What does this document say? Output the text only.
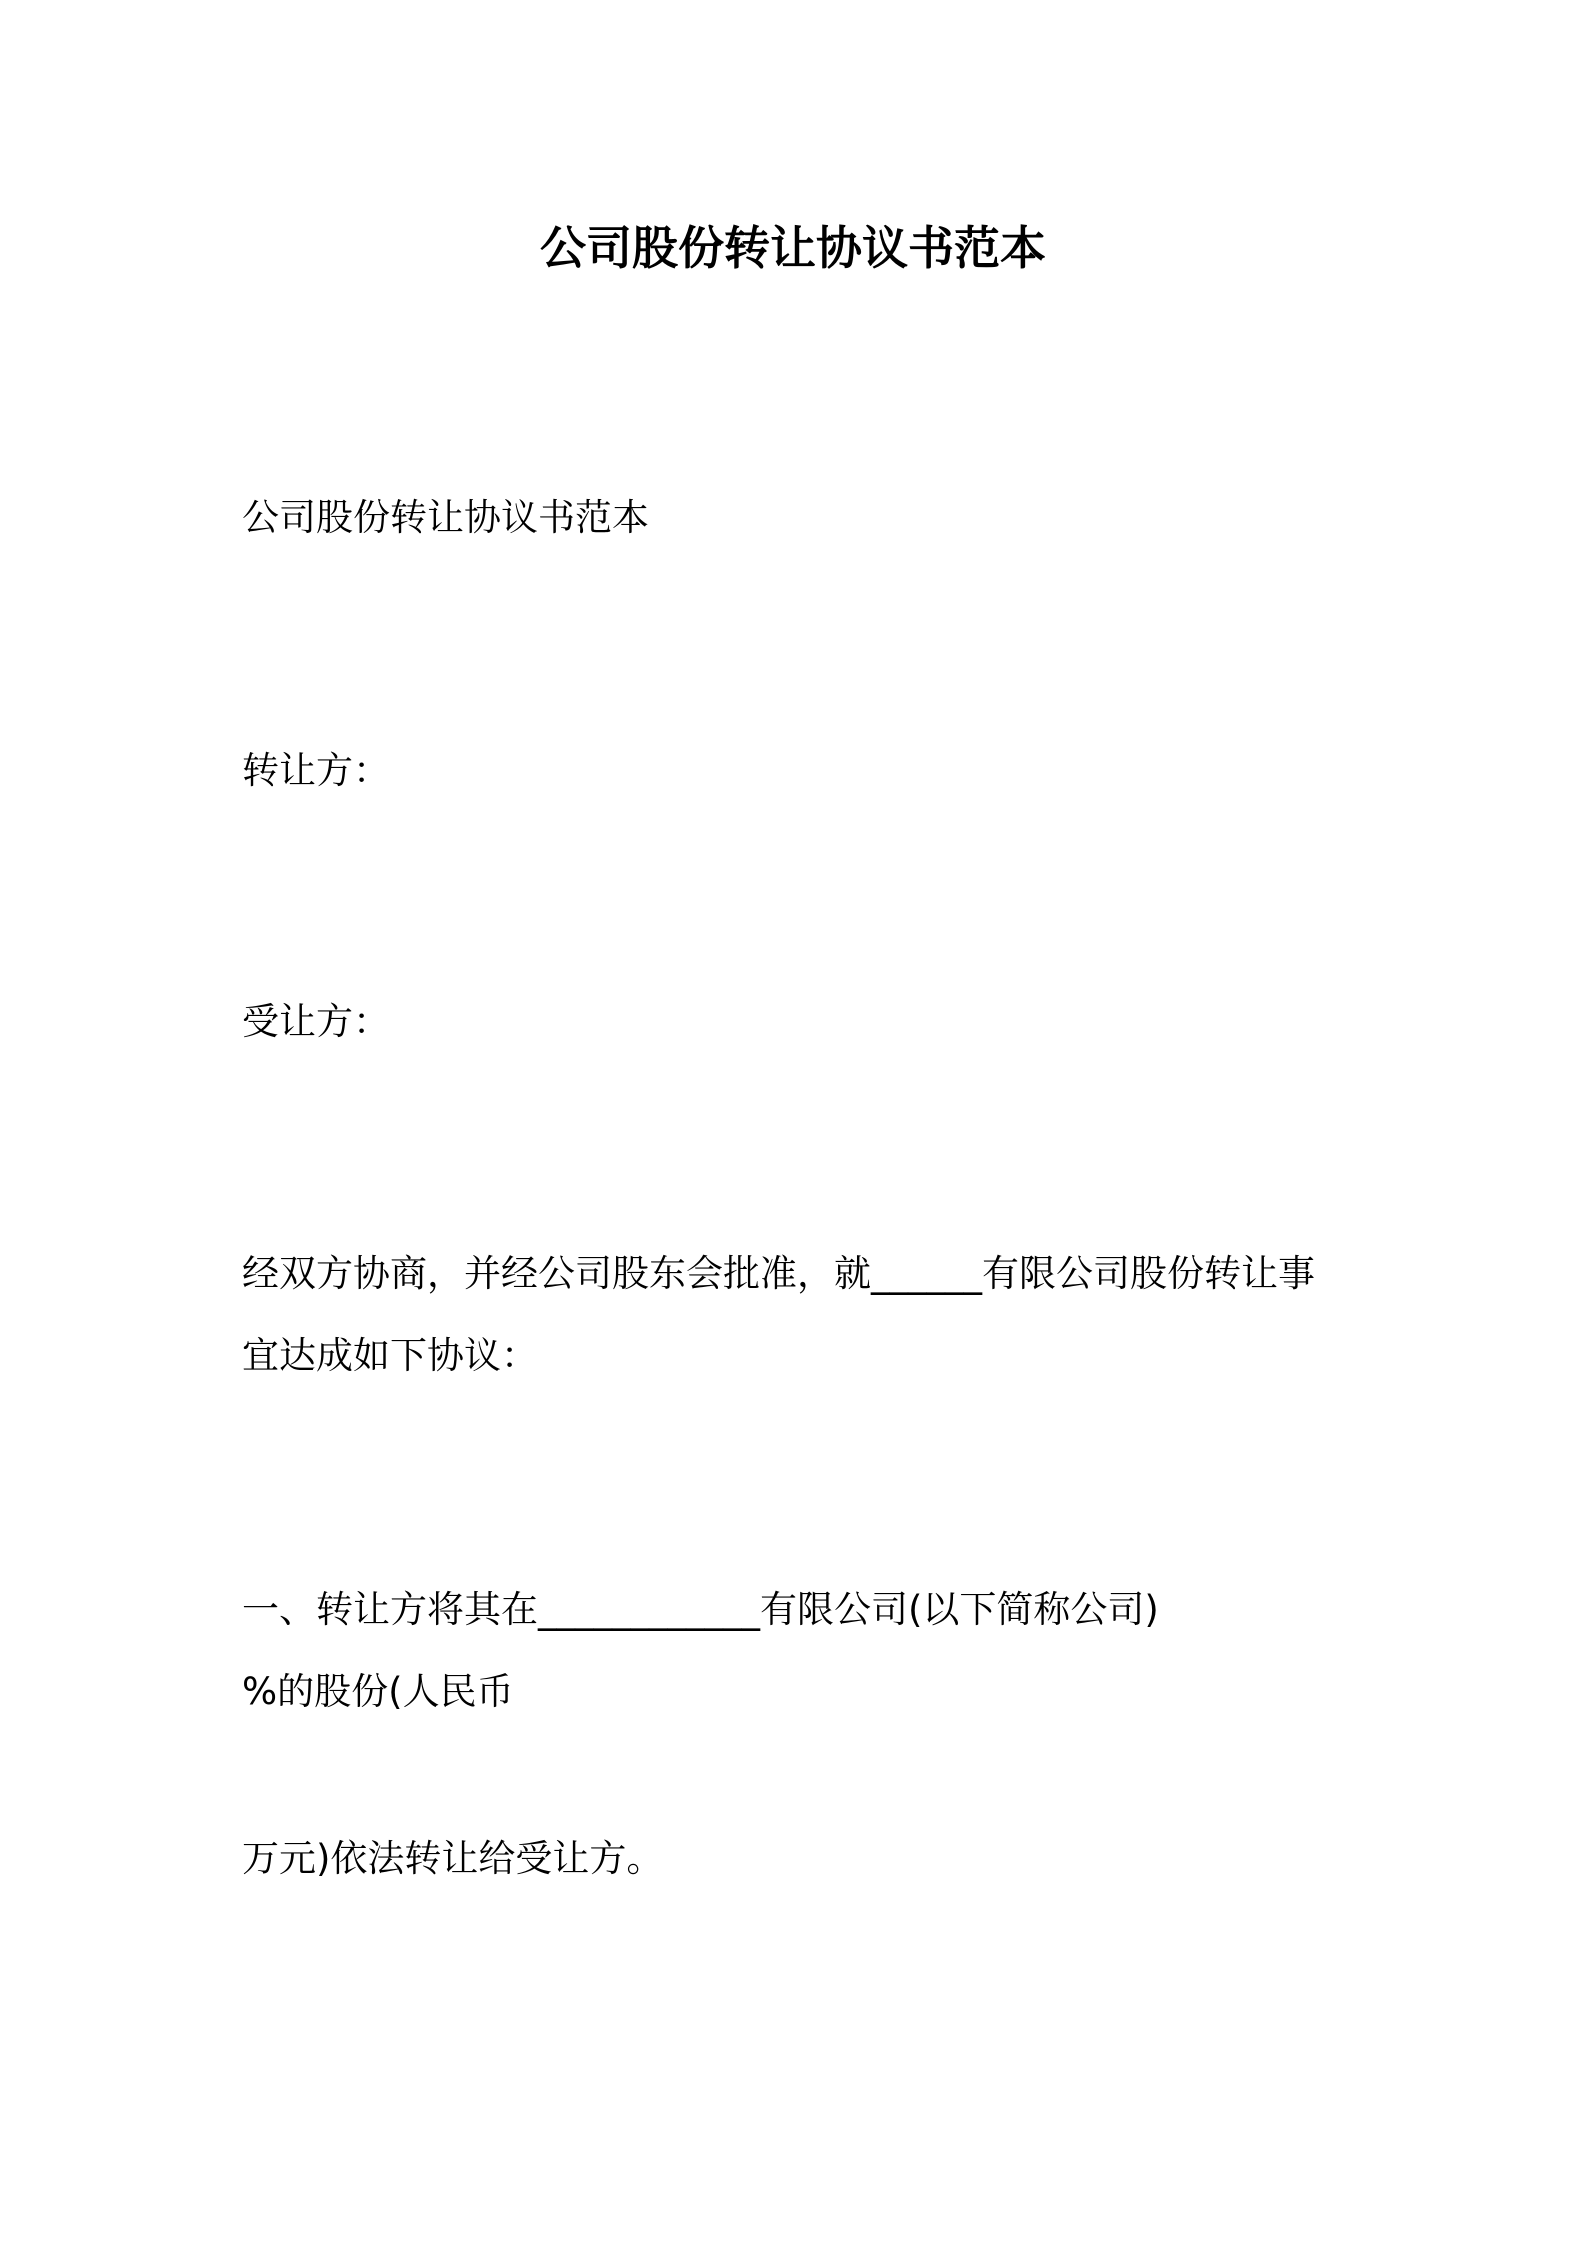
公司股份转让协议书范本
公司股份转让协议书范本
转让方：
受让方：
经双方协商，并经公司股东会批准，就______有限公司股份转让事
宜达成如下协议：
一、转让方将其在____________有限公司(以下简称公司)
%的股份(人民币
万元)依法转让给受让方。
